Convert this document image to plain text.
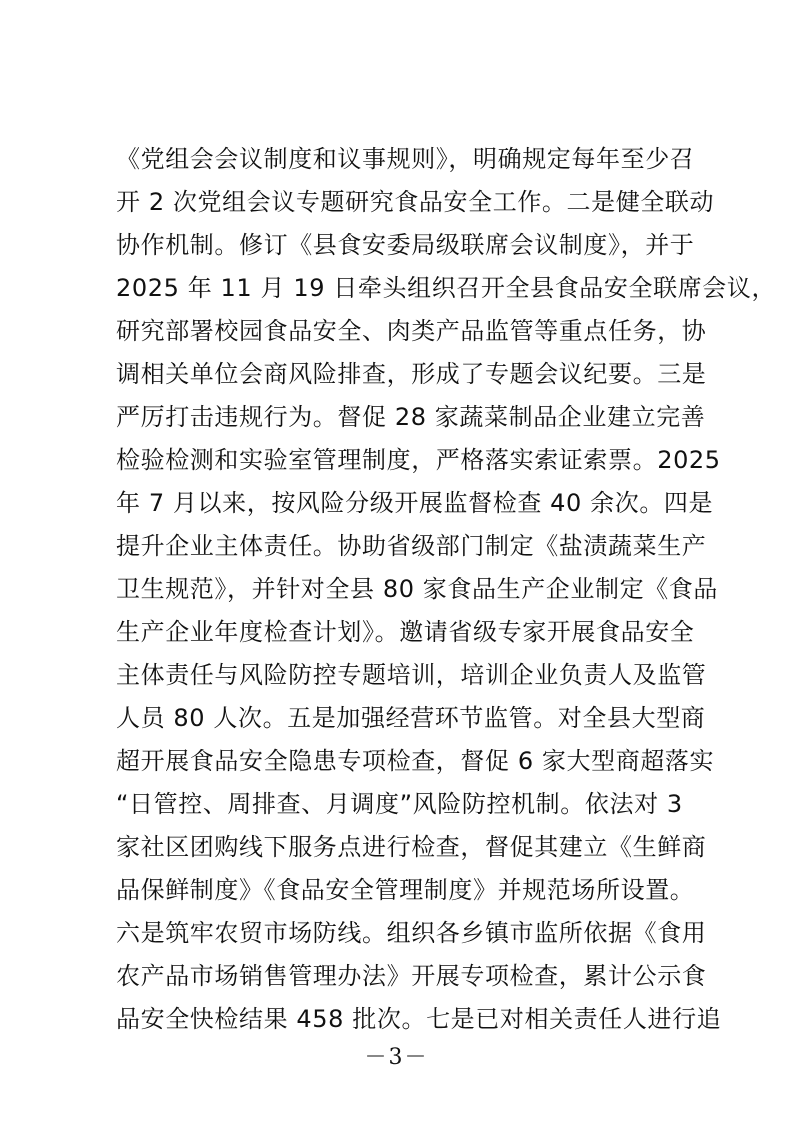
《党组会会议制度和议事规则》，明确规定每年至少召
开 2 次党组会议专题研究食品安全工作。二是健全联动
协作机制。修订《县食安委局级联席会议制度》，并于
2025 年 11 月 19 日牵头组织召开全县食品安全联席会议，
研究部署校园食品安全、肉类产品监管等重点任务，协
调相关单位会商风险排查，形成了专题会议纪要。三是
严厉打击违规行为。督促 28 家蔬菜制品企业建立完善
检验检测和实验室管理制度，严格落实索证索票。2025
年 7 月以来，按风险分级开展监督检查 40 余次。四是
提升企业主体责任。协助省级部门制定《盐渍蔬菜生产
卫生规范》，并针对全县 80 家食品生产企业制定《食品
生产企业年度检查计划》。邀请省级专家开展食品安全
主体责任与风险防控专题培训，培训企业负责人及监管
人员 80 人次。五是加强经营环节监管。对全县大型商
超开展食品安全隐患专项检查，督促 6 家大型商超落实
“日管控、周排查、月调度”风险防控机制。依法对 3
家社区团购线下服务点进行检查，督促其建立《生鲜商
品保鲜制度》《食品安全管理制度》并规范场所设置。
六是筑牢农贸市场防线。组织各乡镇市监所依据《食用
农产品市场销售管理办法》开展专项检查，累计公示食
品安全快检结果 458 批次。七是已对相关责任人进行追
－3－
